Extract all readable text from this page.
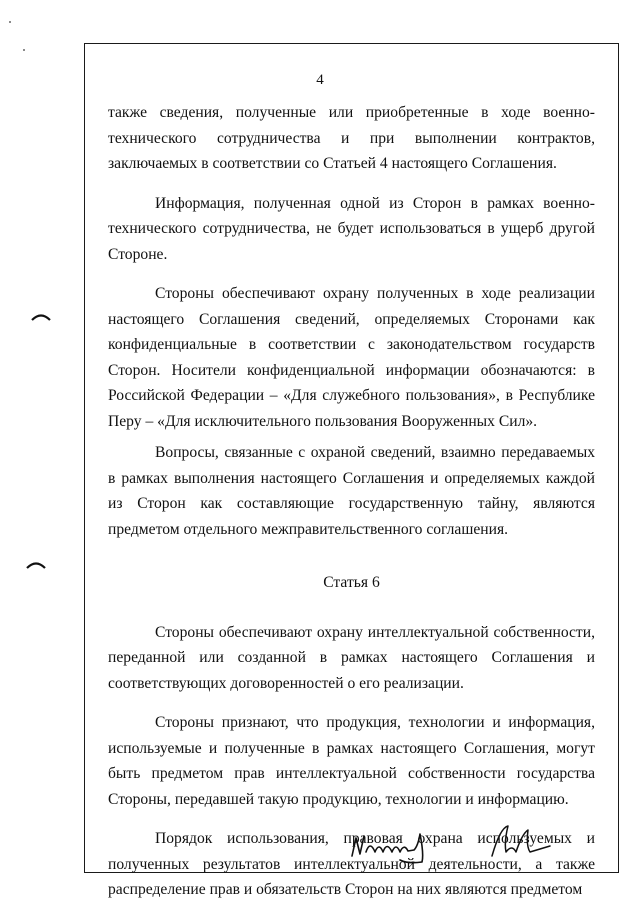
4

также сведения, полученные или приобретенные в ходе военно-технического сотрудничества и при выполнении контрактов, заключаемых в соответствии со Статьей 4 настоящего Соглашения.

Информация, полученная одной из Сторон в рамках военно-технического сотрудничества, не будет использоваться в ущерб другой Стороне.

Стороны обеспечивают охрану полученных в ходе реализации настоящего Соглашения сведений, определяемых Сторонами как конфиденциальные в соответствии с законодательством государств Сторон. Носители конфиденциальной информации обозначаются: в Российской Федерации – «Для служебного пользования», в Республике Перу – «Для исключительного пользования Вооруженных Сил».

Вопросы, связанные с охраной сведений, взаимно передаваемых в рамках выполнения настоящего Соглашения и определяемых каждой из Сторон как составляющие государственную тайну, являются предметом отдельного межправительственного соглашения.

Статья 6

Стороны обеспечивают охрану интеллектуальной собственности, переданной или созданной в рамках настоящего Соглашения и соответствующих договоренностей о его реализации.

Стороны признают, что продукция, технологии и информация, используемые и полученные в рамках настоящего Соглашения, могут быть предметом прав интеллектуальной собственности государства Стороны, передавшей такую продукцию, технологии и информацию.

Порядок использования, правовая охрана используемых и полученных результатов интеллектуальной деятельности, а также распределение прав и обязательств Сторон на них являются предметом
